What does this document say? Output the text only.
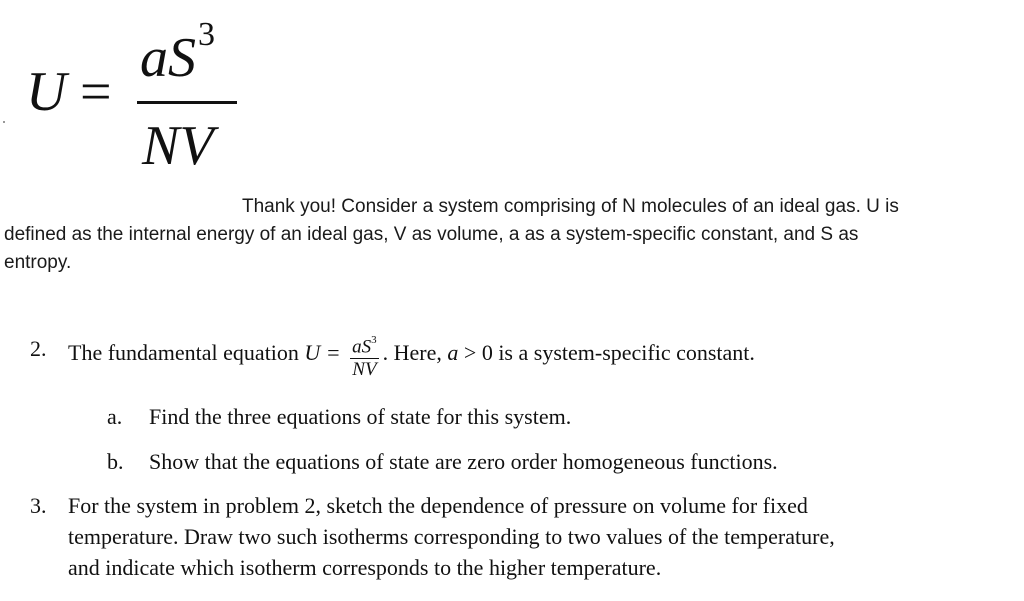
U =
$aS^3$
NV
Thank you! Consider a system comprising of N molecules of an ideal gas. U is
defined as the internal energy of an ideal gas, V as volume, a as a system-specific constant, and S as
entropy.
2. The fundamental equation $U = \frac{aS^3}{NV}$ . Here, a > 0 is a system-specific constant.
a. Find the three equations of state for this system.
b. Show that the equations of state are zero order homogeneous functions.
3. For the system in problem 2, sketch the dependence of pressure on volume for fixed
temperature. Draw two such isotherms corresponding to two values of the temperature,
and indicate which isotherm corresponds to the higher temperature.
